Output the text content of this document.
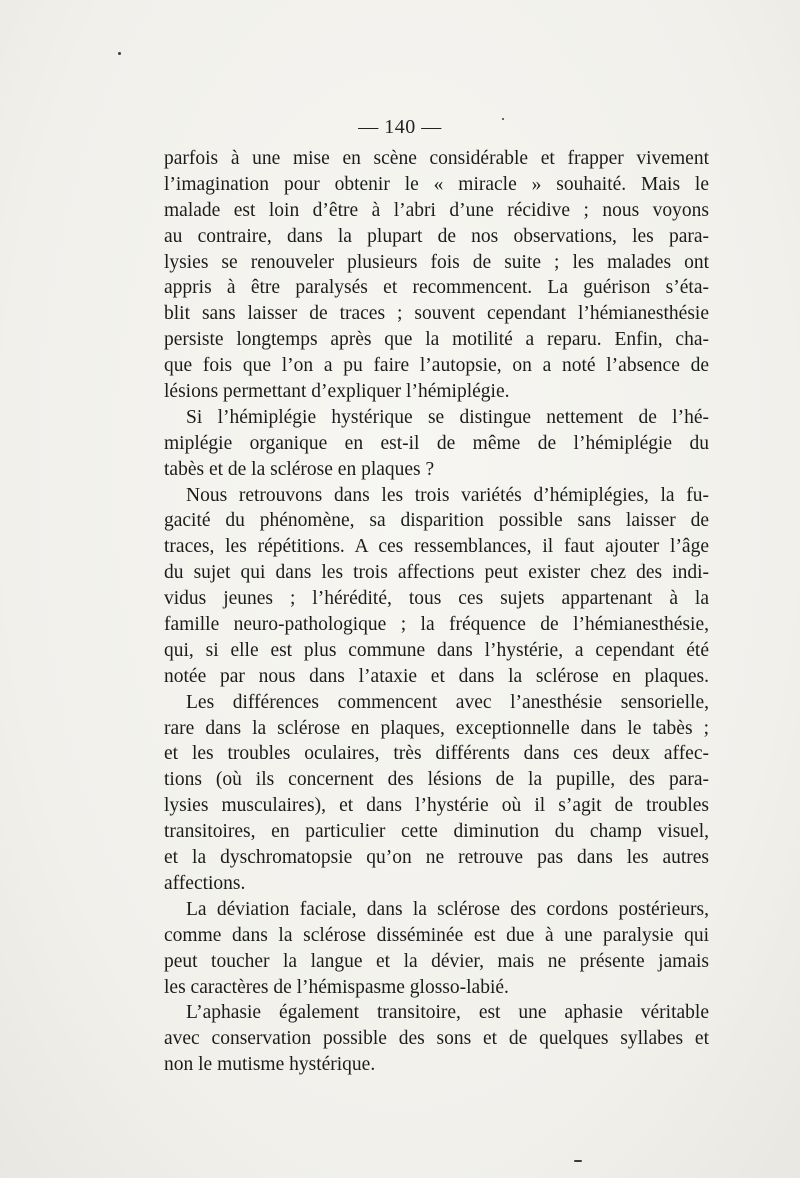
— 140 —

parfois à une mise en scène considérable et frapper vivement
l’imagination pour obtenir le « miracle » souhaité. Mais le
malade est loin d’être à l’abri d’une récidive ; nous voyons
au contraire, dans la plupart de nos observations, les para-
lysies se renouveler plusieurs fois de suite ; les malades ont
appris à être paralysés et recommencent. La guérison s’éta-
blit sans laisser de traces ; souvent cependant l’hémianesthésie
persiste longtemps après que la motilité a reparu. Enfin, cha-
que fois que l’on a pu faire l’autopsie, on a noté l’absence de
lésions permettant d’expliquer l’hémiplégie.

Si l’hémiplégie hystérique se distingue nettement de l’hé-
miplégie organique en est-il de même de l’hémiplégie du
tabès et de la sclérose en plaques ?

Nous retrouvons dans les trois variétés d’hémiplégies, la fu-
gacité du phénomène, sa disparition possible sans laisser de
traces, les répétitions. A ces ressemblances, il faut ajouter l’âge
du sujet qui dans les trois affections peut exister chez des indi-
vidus jeunes ; l’hérédité, tous ces sujets appartenant à la
famille neuro-pathologique ; la fréquence de l’hémianesthésie,
qui, si elle est plus commune dans l’hystérie, a cependant été
notée par nous dans l’ataxie et dans la sclérose en plaques.

Les différences commencent avec l’anesthésie sensorielle,
rare dans la sclérose en plaques, exceptionnelle dans le tabès ;
et les troubles oculaires, très différents dans ces deux affec-
tions (où ils concernent des lésions de la pupille, des para-
lysies musculaires), et dans l’hystérie où il s’agit de troubles
transitoires, en particulier cette diminution du champ visuel,
et la dyschromatopsie qu’on ne retrouve pas dans les autres
affections.

La déviation faciale, dans la sclérose des cordons postérieurs,
comme dans la sclérose disséminée est due à une paralysie qui
peut toucher la langue et la dévier, mais ne présente jamais
les caractères de l’hémispasme glosso-labié.

L’aphasie également transitoire, est une aphasie véritable
avec conservation possible des sons et de quelques syllabes et
non le mutisme hystérique.
